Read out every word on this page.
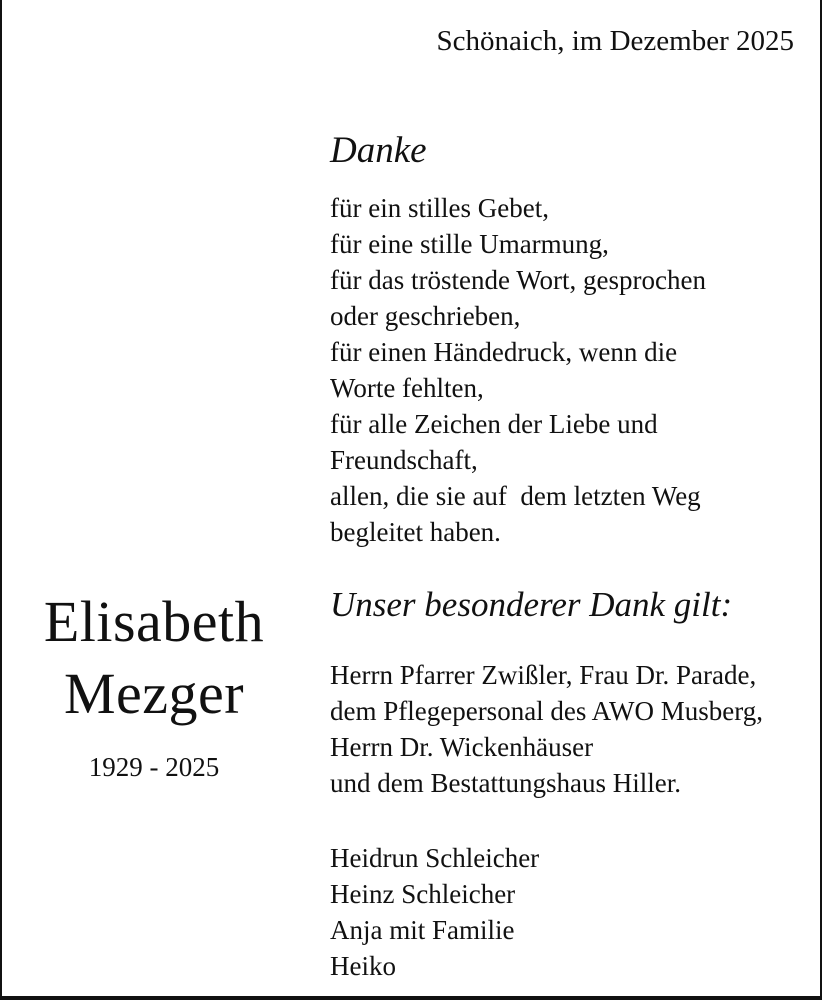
Schönaich, im Dezember 2025
Danke
für ein stilles Gebet,
für eine stille Umarmung,
für das tröstende Wort, gesprochen
oder geschrieben,
für einen Händedruck, wenn die
Worte fehlten,
für alle Zeichen der Liebe und
Freundschaft,
allen, die sie auf  dem letzten Weg
begleitet haben.
Elisabeth
Mezger
1929 - 2025
Unser besonderer Dank gilt:
Herrn Pfarrer Zwißler, Frau Dr. Parade,
dem Pflegepersonal des AWO Musberg,
Herrn Dr. Wickenhäuser
und dem Bestattungshaus Hiller.
Heidrun Schleicher
Heinz Schleicher
Anja mit Familie
Heiko
